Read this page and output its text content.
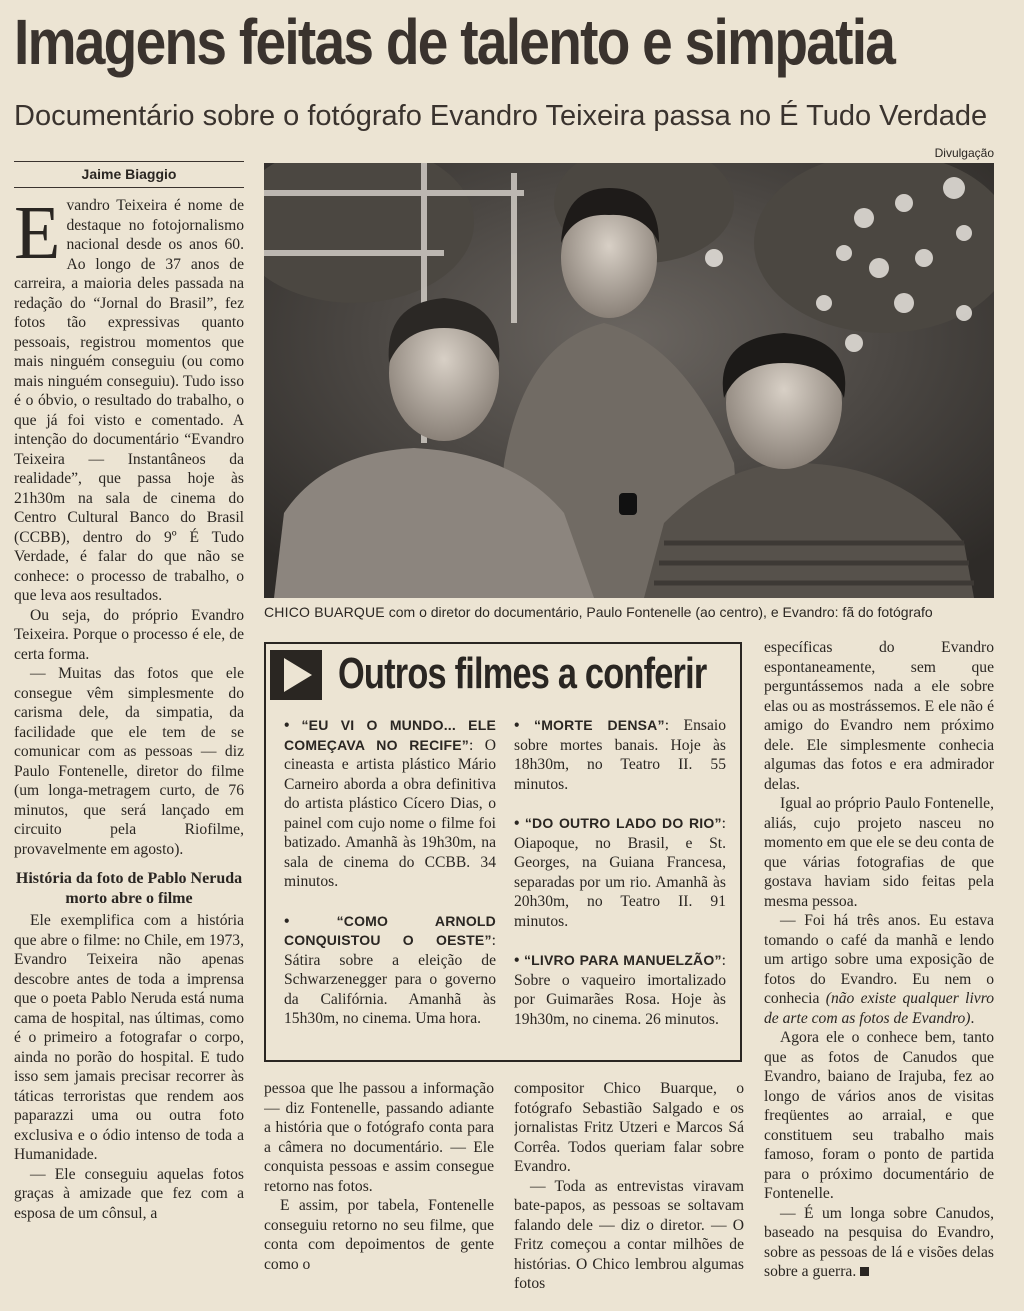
Imagens feitas de talento e simpatia
Documentário sobre o fotógrafo Evandro Teixeira passa no É Tudo Verdade
Jaime Biaggio

Evandro Teixeira é nome de destaque no fotojornalismo nacional desde os anos 60. Ao longo de 37 anos de carreira, a maioria deles passada na redação do “Jornal do Brasil”, fez fotos tão expressivas quanto pessoais, registrou momentos que mais ninguém conseguiu (ou como mais ninguém conseguiu). Tudo isso é o óbvio, o resultado do trabalho, o que já foi visto e comentado. A intenção do documentário “Evandro Teixeira — Instantâneos da realidade”, que passa hoje às 21h30m na sala de cinema do Centro Cultural Banco do Brasil (CCBB), dentro do 9º É Tudo Verdade, é falar do que não se conhece: o processo de trabalho, o que leva aos resultados.

Ou seja, do próprio Evandro Teixeira. Porque o processo é ele, de certa forma.

— Muitas das fotos que ele consegue vêm simplesmente do carisma dele, da simpatia, da facilidade que ele tem de se comunicar com as pessoas — diz Paulo Fontenelle, diretor do filme (um longa-metragem curto, de 76 minutos, que será lançado em circuito pela Riofilme, provavelmente em agosto).

História da foto de Pablo Neruda morto abre o filme

Ele exemplifica com a história que abre o filme: no Chile, em 1973, Evandro Teixeira não apenas descobre antes de toda a imprensa que o poeta Pablo Neruda está numa cama de hospital, nas últimas, como é o primeiro a fotografar o corpo, ainda no porão do hospital. E tudo isso sem jamais precisar recorrer às táticas terroristas que rendem aos paparazzi uma ou outra foto exclusiva e o ódio intenso de toda a Humanidade.

— Ele conseguiu aquelas fotos graças à amizade que fez com a esposa de um cônsul, a

Divulgação
CHICO BUARQUE com o diretor do documentário, Paulo Fontenelle (ao centro), e Evandro: fã do fotógrafo
Outros filmes a conferir
• “EU VI O MUNDO... ELE COMEÇAVA NO RECIFE”: O cineasta e artista plástico Mário Carneiro aborda a obra definitiva do artista plástico Cícero Dias, o painel com cujo nome o filme foi batizado. Amanhã às 19h30m, na sala de cinema do CCBB. 34 minutos.
• “COMO ARNOLD CONQUISTOU O OESTE”: Sátira sobre a eleição de Schwarzenegger para o governo da Califórnia. Amanhã às 15h30m, no cinema. Uma hora.
• “MORTE DENSA”: Ensaio sobre mortes banais. Hoje às 18h30m, no Teatro II. 55 minutos.
• “DO OUTRO LADO DO RIO”: Oiapoque, no Brasil, e St. Georges, na Guiana Francesa, separadas por um rio. Amanhã às 20h30m, no Teatro II. 91 minutos.
• “LIVRO PARA MANUELZÃO”: Sobre o vaqueiro imortalizado por Guimarães Rosa. Hoje às 19h30m, no cinema. 26 minutos.

pessoa que lhe passou a informação — diz Fontenelle, passando adiante a história que o fotógrafo conta para a câmera no documentário. — Ele conquista pessoas e assim consegue retorno nas fotos.

E assim, por tabela, Fontenelle conseguiu retorno no seu filme, que conta com depoimentos de gente como o

compositor Chico Buarque, o fotógrafo Sebastião Salgado e os jornalistas Fritz Utzeri e Marcos Sá Corrêa. Todos queriam falar sobre Evandro.

— Toda as entrevistas viravam bate-papos, as pessoas se soltavam falando dele — diz o diretor. — O Fritz começou a contar milhões de histórias. O Chico lembrou algumas fotos

específicas do Evandro espontaneamente, sem que perguntássemos nada a ele sobre elas ou as mostrássemos. E ele não é amigo do Evandro nem próximo dele. Ele simplesmente conhecia algumas das fotos e era admirador delas.

Igual ao próprio Paulo Fontenelle, aliás, cujo projeto nasceu no momento em que ele se deu conta de que várias fotografias de que gostava haviam sido feitas pela mesma pessoa.

— Foi há três anos. Eu estava tomando o café da manhã e lendo um artigo sobre uma exposição de fotos do Evandro. Eu nem o conhecia (não existe qualquer livro de arte com as fotos de Evandro).

Agora ele o conhece bem, tanto que as fotos de Canudos que Evandro, baiano de Irajuba, fez ao longo de vários anos de visitas freqüentes ao arraial, e que constituem seu trabalho mais famoso, foram o ponto de partida para o próximo documentário de Fontenelle.

— É um longa sobre Canudos, baseado na pesquisa do Evandro, sobre as pessoas de lá e visões delas sobre a guerra.
